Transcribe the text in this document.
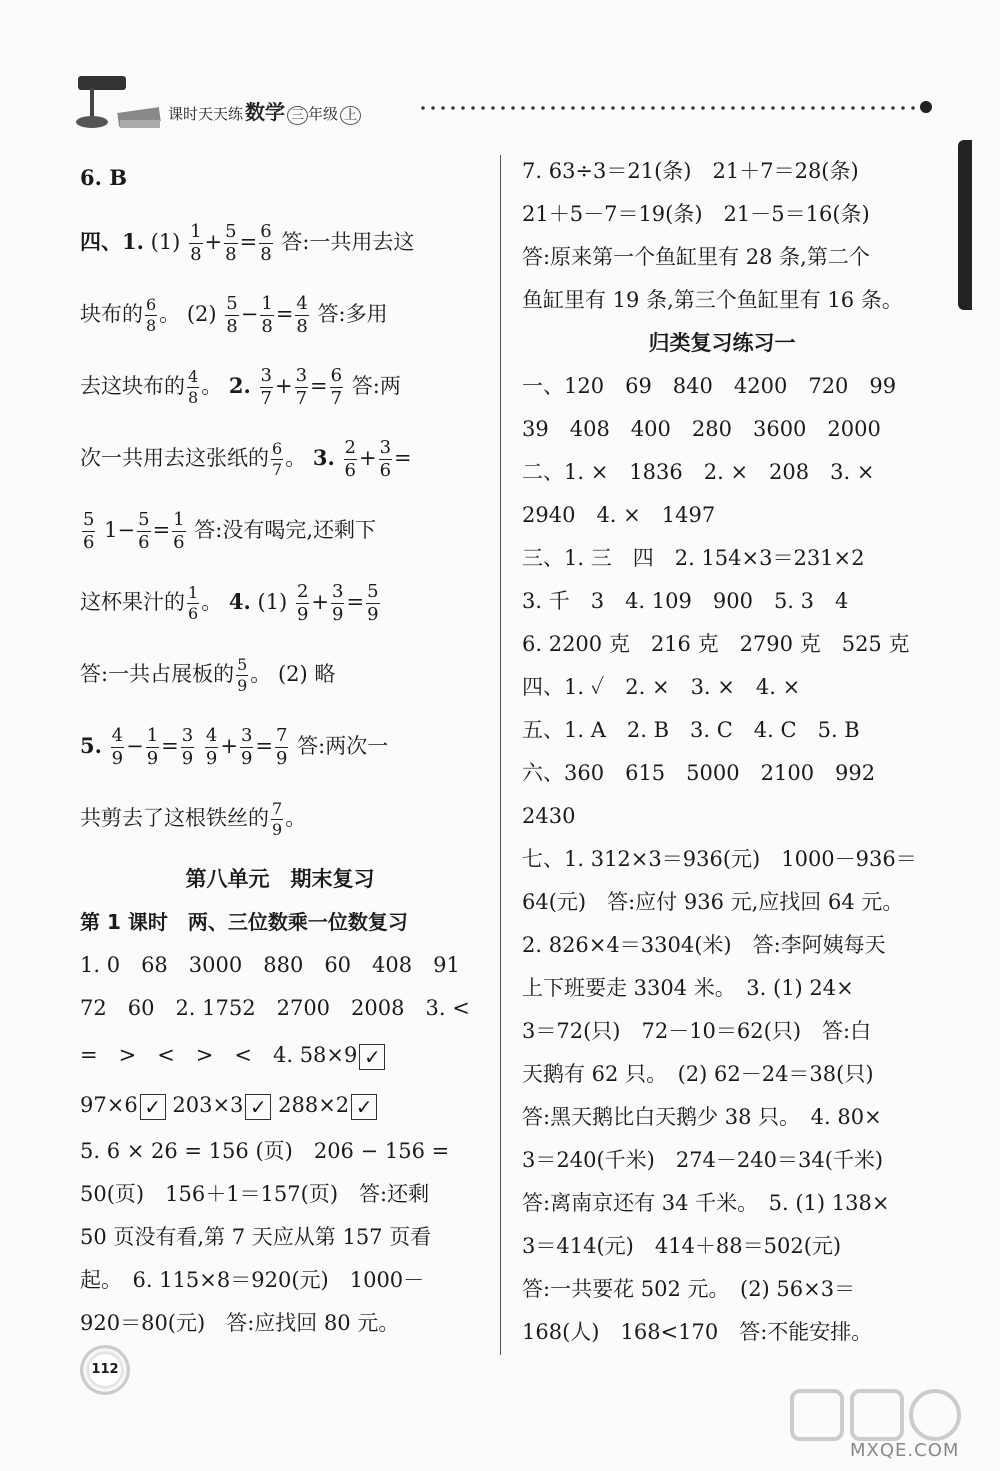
课时天天练 数学 三 年级 上
6. B
四、1. $(1) \frac{1}{8} + \frac{5}{8} = \frac{6}{8}$ 答:一共用去这
块布的 $\frac{6}{8}$ 。 $(2) \frac{5}{8} - \frac{1}{8} = \frac{4}{8}$ 答:多用
去这块布的 $\frac{4}{8}$ 。 2. $\frac{3}{7} + \frac{3}{7} = \frac{6}{7}$ 答:两
次一共用去这张纸的 $\frac{6}{7}$ 。 3. $\frac{2}{6} + \frac{3}{6}$ =
$\frac{5}{6} 1- \frac{5}{6} = \frac{1}{6}$ 答:没有喝完,还剩下
这杯果汁的 $\frac{1}{6}$ 。 4. $(1) \frac{2}{9} + \frac{3}{9} = \frac{5}{9}$
答:一共占展板的 $\frac{5}{9}$ 。 (2) 略
5. $\frac{4}{9} - \frac{1}{9} = \frac{3}{9}$
$\frac{4}{9} + \frac{3}{9} = \frac{7}{9}$ 答:两次一
共剪去了这根铁丝的 $\frac{7}{9}$ 。
第八单元　期末复习
第 1 课时　两、三位数乘一位数复习
1. 0　68　3000　880　60　408　91
72　60　2. 1752　2700　2008　3. <
=　>　<　>　<　4. 58×9 ✓
97×6 ✓ 203×3 ✓ 288×2 ✓
5. 6 × 26 = 156 (页)　206 − 156 =
50(页)　156＋1＝157(页)　答:还剩
50 页没有看,第 7 天应从第 157 页看
起。　6. 115×8＝920(元)　1000－
920＝80(元)　答:应找回 80 元。
7. 63÷3＝21(条)　21＋7＝28(条)
21＋5－7＝19(条)　21－5＝16(条)
答:原来第一个鱼缸里有 28 条,第二个
鱼缸里有 19 条,第三个鱼缸里有 16 条。
归类复习练习一
一、120　69　840　4200　720　99
39　408　400　280　3600　2000
二、1. ×　1836　2. ×　208　3. ×
2940　4. ×　1497
三、1. 三　四　2. 154×3＝231×2
3. 千　3　4. 109　900　5. 3　4
6. 2200 克　216 克　2790 克　525 克
四、1. ✓　2. ×　3. ×　4. ×
五、1. A　2. B　3. C　4. C　5. B
六、360　615　5000　2100　992
2430
七、1. 312×3＝936(元)　1000－936＝
64(元)　答:应付 936 元,应找回 64 元。
2. 826×4＝3304(米)　答:李阿姨每天
上下班要走 3304 米。　3. (1) 24×
3＝72(只)　72－10＝62(只)　答:白
天鹅有 62 只。　(2) 62－24＝38(只)
答:黑天鹅比白天鹅少 38 只。　4. 80×
3＝240(千米)　274－240＝34(千米)
答:离南京还有 34 千米。　5. (1) 138×
3＝414(元)　414＋88＝502(元)
答:一共要花 502 元。　(2) 56×3＝
168(人)　168<170　答:不能安排。
112
MXQE.COM
